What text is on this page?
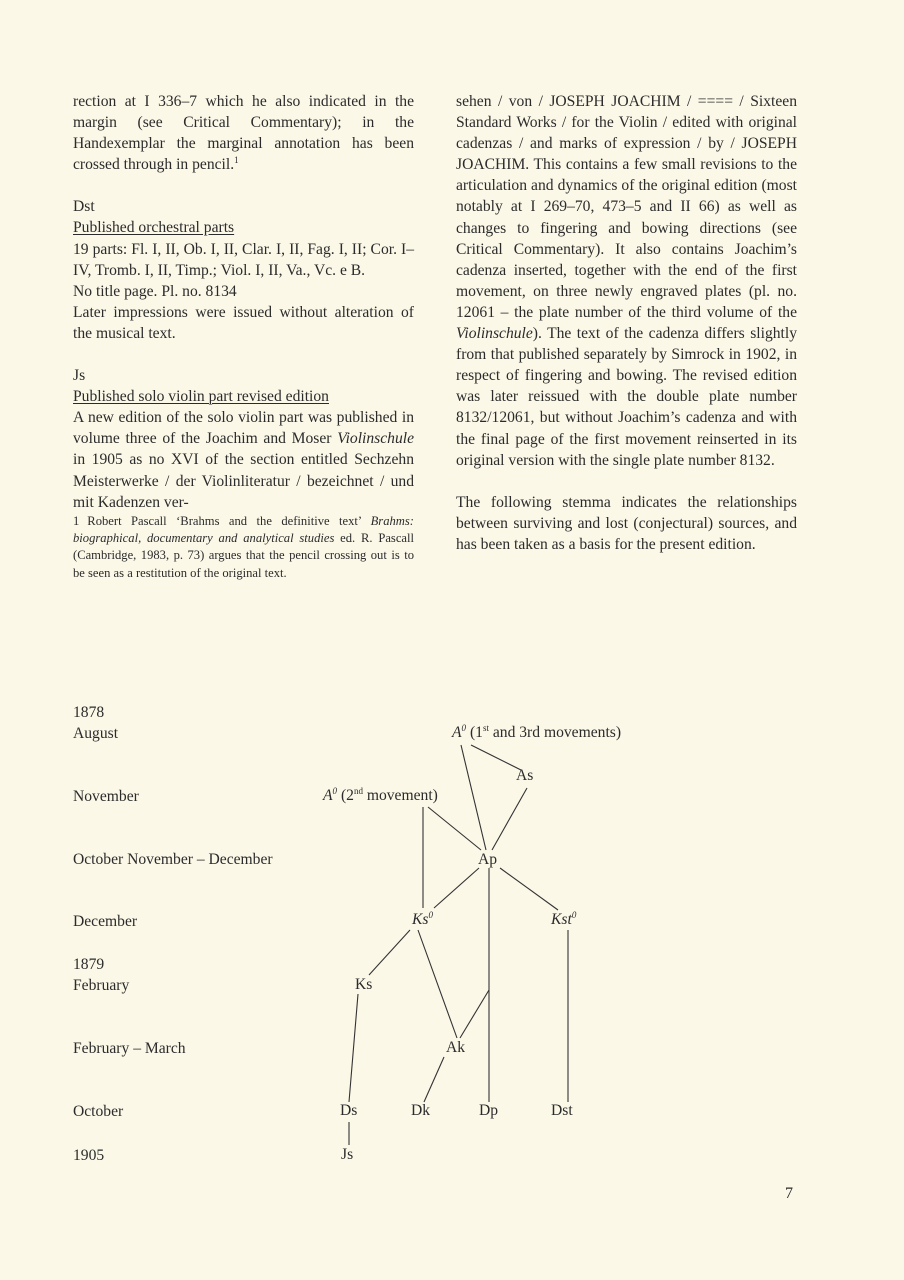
rection at I 336–7 which he also indicated in the margin (see Critical Commentary); in the Handexemplar the marginal annotation has been crossed through in pencil.$^1$

Dst

Published orchestral parts

19 parts: Fl. I, II, Ob. I, II, Clar. I, II, Fag. I, II; Cor. I–IV, Tromb. I, II, Timp.; Viol. I, II, Va., Vc. e B.

No title page. Pl. no. 8134

Later impressions were issued without alteration of the musical text.

Js

Published solo violin part revised edition

A new edition of the solo violin part was published in volume three of the Joachim and Moser Violinschule in 1905 as no XVI of the section entitled Sechzehn Meisterwerke / der Violinliteratur / bezeichnet / und mit Kadenzen ver-

1 Robert Pascall ‘Brahms and the definitive text’ Brahms: biographical, documentary and analytical studies ed. R. Pascall (Cambridge, 1983, p. 73) argues that the pencil crossing out is to be seen as a restitution of the original text.

sehen / von / JOSEPH JOACHIM / ==== / Sixteen Standard Works / for the Violin / edited with original cadenzas / and marks of expression / by / JOSEPH JOACHIM. This contains a few small revisions to the articulation and dynamics of the original edition (most notably at I 269–70, 473–5 and II 66) as well as changes to fingering and bowing directions (see Critical Commentary). It also contains Joachim’s cadenza inserted, together with the end of the first movement, on three newly engraved plates (pl. no. 12061 – the plate number of the third volume of the Violinschule). The text of the cadenza differs slightly from that published separately by Simrock in 1902, in respect of fingering and bowing. The revised edition was later reissued with the double plate number 8132/12061, but without Joachim’s cadenza and with the final page of the first movement reinserted in its original version with the single plate number 8132.

The following stemma indicates the relationships between surviving and lost (conjectural) sources, and has been taken as a basis for the present edition.

1878
August
November
October November – December
December
1879
February
February – March
October
1905
$A^0$ (1st and 3rd movements)
As
$A^0$ (2nd movement)
Ap
Ks$^0$	Kst$^0$
Ks
Ak
Ds	Dk	Dp	Dst
Js
7
